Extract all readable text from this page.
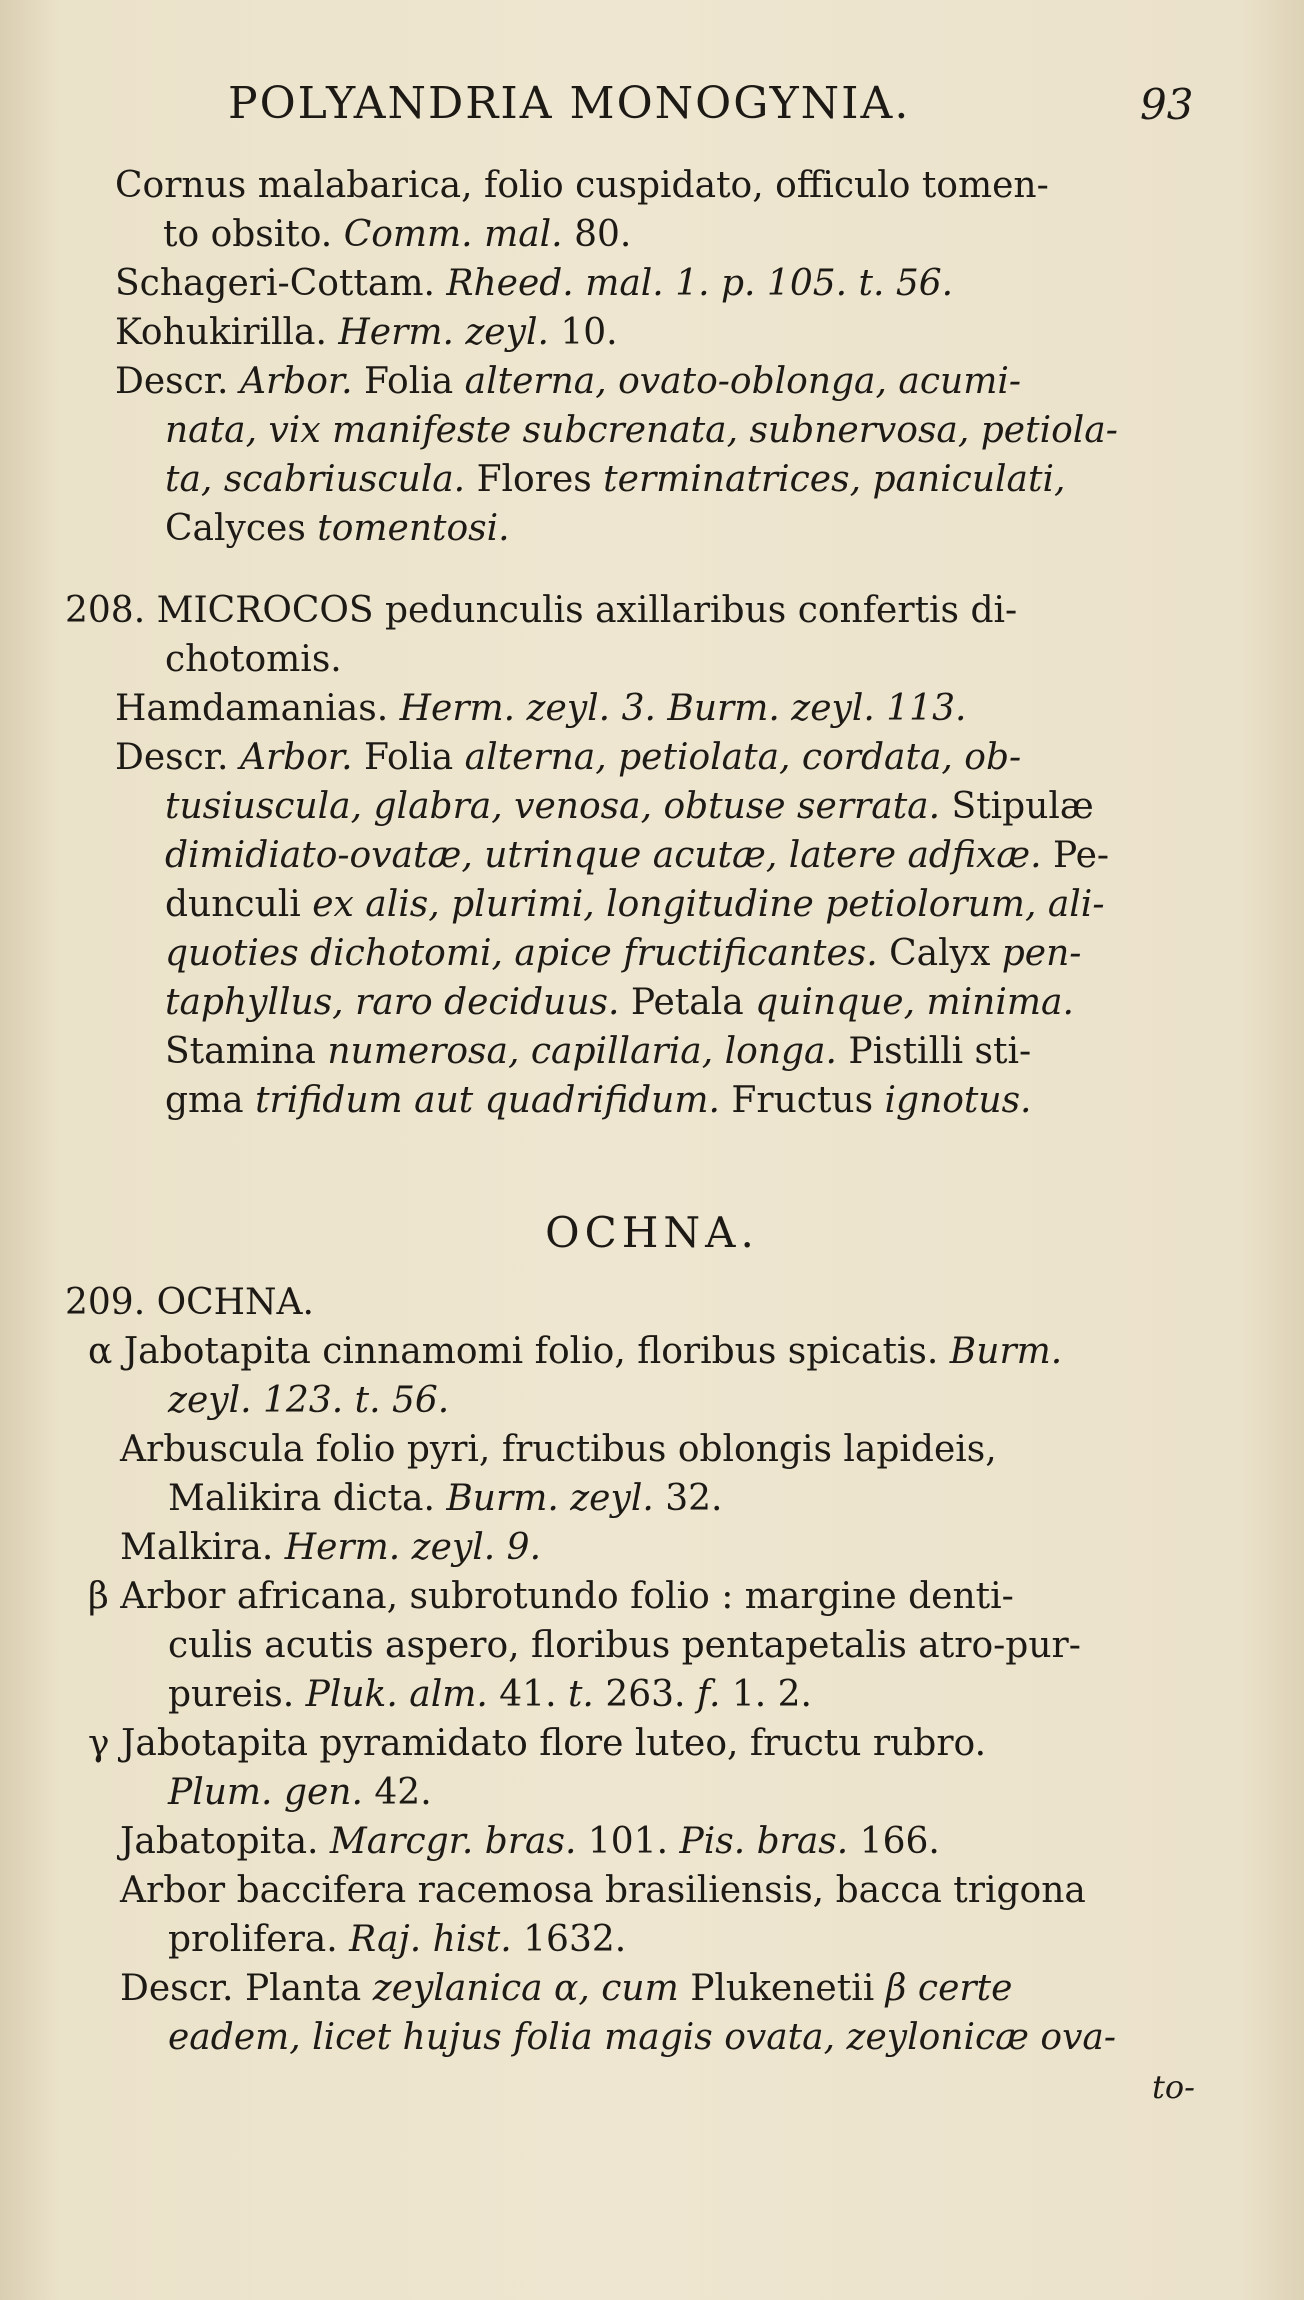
POLYANDRIA MONOGYNIA.	93
Cornus malabarica, folio cuspidato, officulo tomen-
to obsito. Comm. mal. 80.
Schageri-Cottam. Rheed. mal. 1. p. 105. t. 56.
Kohukirilla. Herm. zeyl. 10.
Descr. Arbor. Folia alterna, ovato-oblonga, acumi-
nata, vix manifeste subcrenata, subnervosa, petiola-
ta, scabriuscula. Flores terminatrices, paniculati,
Calyces tomentosi.
208. MICROCOS pedunculis axillaribus confertis di-
chotomis.
Hamdamanias. Herm. zeyl. 3. Burm. zeyl. 113.
Descr. Arbor. Folia alterna, petiolata, cordata, ob-
tusiuscula, glabra, venosa, obtuse serrata. Stipulæ
dimidiato-ovatæ, utrinque acutæ, latere adfixæ. Pe-
dunculi ex alis, plurimi, longitudine petiolorum, ali-
quoties dichotomi, apice fructificantes. Calyx pen-
taphyllus, raro deciduus. Petala quinque, minima.
Stamina numerosa, capillaria, longa. Pistilli sti-
gma trifidum aut quadrifidum. Fructus ignotus.
OCHNA.
209. OCHNA.
α Jabotapita cinnamomi folio, floribus spicatis. Burm.
zeyl. 123. t. 56.
Arbuscula folio pyri, fructibus oblongis lapideis,
Malikira dicta. Burm. zeyl. 32.
Malkira. Herm. zeyl. 9.
β Arbor africana, subrotundo folio : margine denti-
culis acutis aspero, floribus pentapetalis atro-pur-
pureis. Pluk. alm. 41. t. 263. f. 1. 2.
γ Jabotapita pyramidato flore luteo, fructu rubro.
Plum. gen. 42.
Jabatopita. Marcgr. bras. 101. Pis. bras. 166.
Arbor baccifera racemosa brasiliensis, bacca trigona
prolifera. Raj. hist. 1632.
Descr. Planta zeylanica α, cum Plukenetii β certe
eadem, licet hujus folia magis ovata, zeylonicæ ova-
to-
